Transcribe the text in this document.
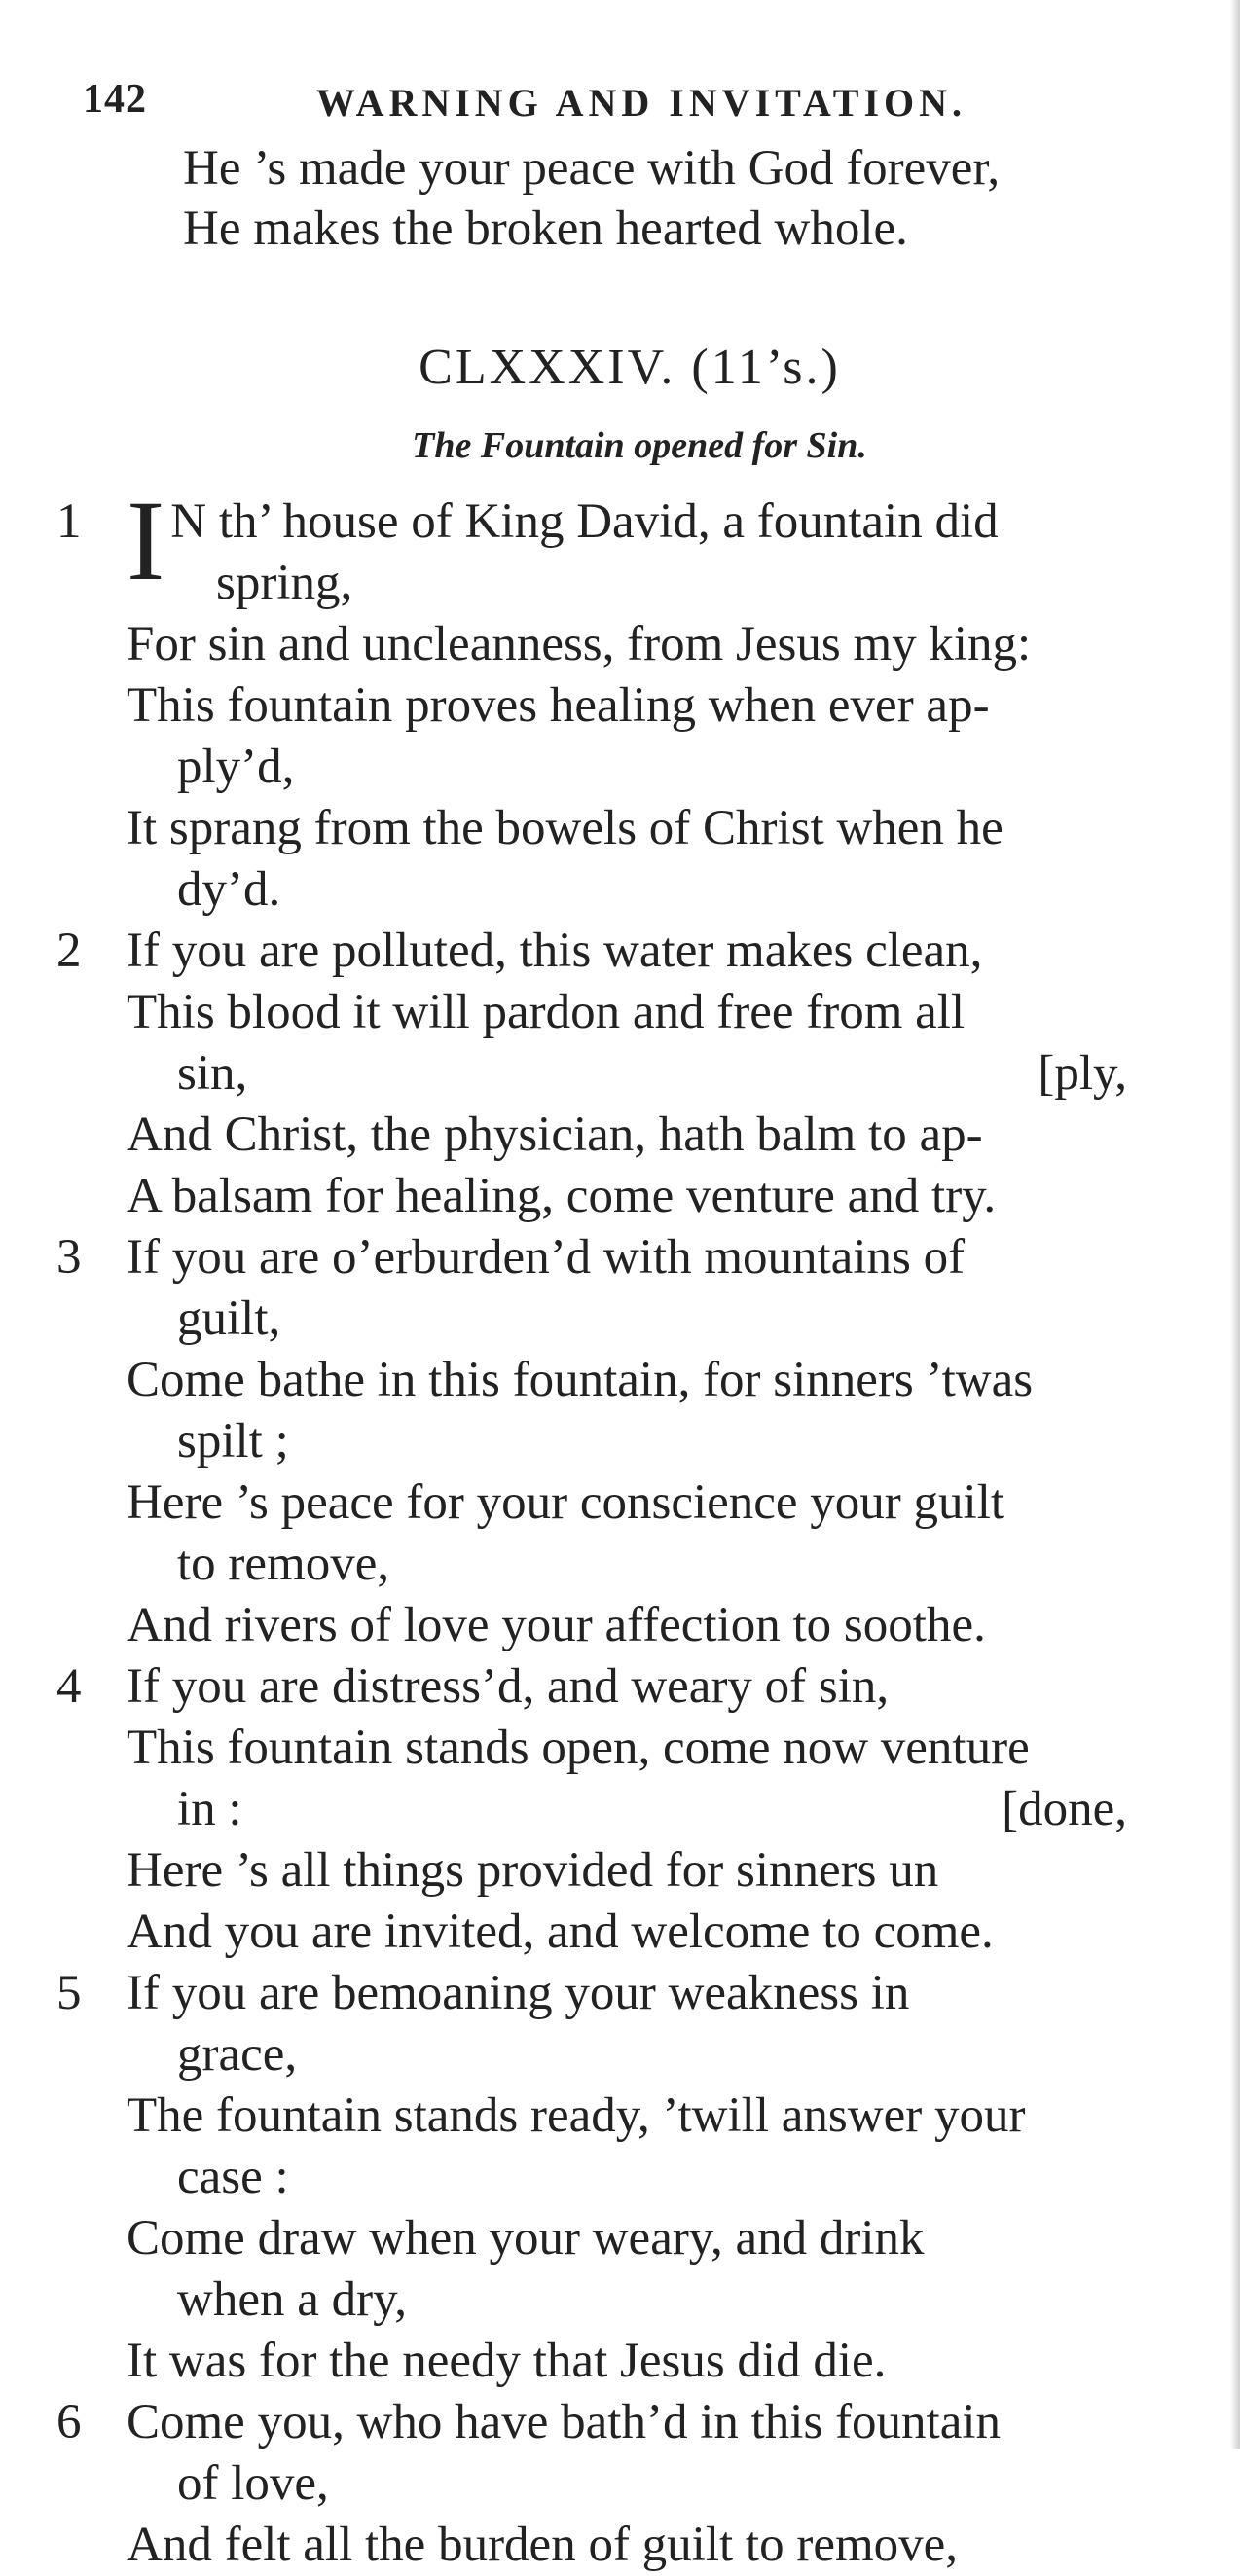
142	WARNING AND INVITATION.
He ’s made your peace with God forever,
He makes the broken hearted whole.
CLXXXIV. (11’s.)
The Fountain opened for Sin.
1 I N th’ house of King David, a fountain did
spring,
For sin and uncleanness, from Jesus my king:
This fountain proves healing when ever ap-
ply’d,
It sprang from the bowels of Christ when he
dy’d.
2 If you are polluted, this water makes clean,
This blood it will pardon and free from all
sin,	[ply,
And Christ, the physician, hath balm to ap-
A balsam for healing, come venture and try.
3 If you are o’erburden’d with mountains of
guilt,
Come bathe in this fountain, for sinners ’twas
spilt ;
Here ’s peace for your conscience your guilt
to remove,
And rivers of love your affection to soothe.
4 If you are distress’d, and weary of sin,
This fountain stands open, come now venture
in :	[done,
Here ’s all things provided for sinners un
And you are invited, and welcome to come.
5 If you are bemoaning your weakness in
grace,
The fountain stands ready, ’twill answer your
case :
Come draw when your weary, and drink
when a dry,
It was for the needy that Jesus did die.
6 Come you, who have bath’d in this fountain
of love,
And felt all the burden of guilt to remove,
